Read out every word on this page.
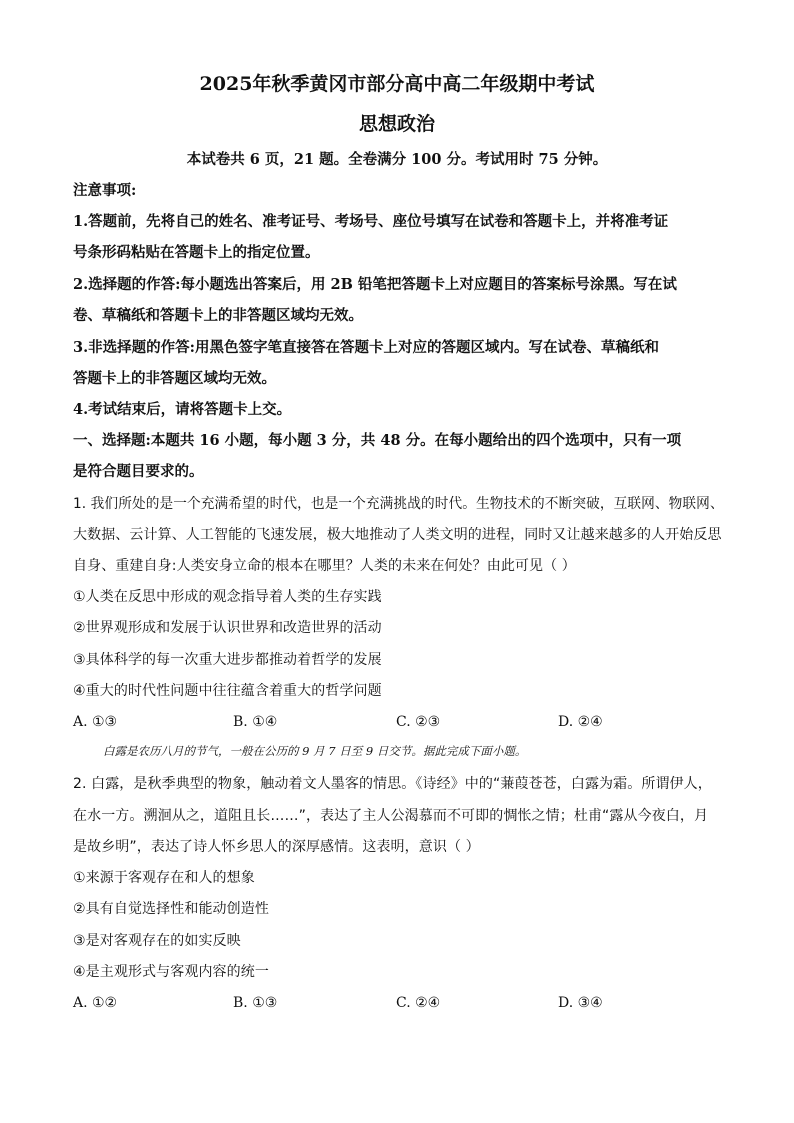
2025年秋季黄冈市部分高中高二年级期中考试
思想政治
本试卷共 6 页，21 题。全卷满分 100 分。考试用时 75 分钟。
注意事项:
1.答题前，先将自己的姓名、准考证号、考场号、座位号填写在试卷和答题卡上，并将准考证
号条形码粘贴在答题卡上的指定位置。
2.选择题的作答:每小题选出答案后，用 2B 铅笔把答题卡上对应题目的答案标号涂黑。写在试
卷、草稿纸和答题卡上的非答题区域均无效。
3.非选择题的作答:用黑色签字笔直接答在答题卡上对应的答题区域内。写在试卷、草稿纸和
答题卡上的非答题区域均无效。
4.考试结束后，请将答题卡上交。
一、选择题:本题共 16 小题，每小题 3 分，共 48 分。在每小题给出的四个选项中，只有一项
是符合题目要求的。
1. 我们所处的是一个充满希望的时代，也是一个充满挑战的时代。生物技术的不断突破，互联网、物联网、
大数据、云计算、人工智能的飞速发展，极大地推动了人类文明的进程，同时又让越来越多的人开始反思
自身、重建自身:人类安身立命的根本在哪里？人类的未来在何处？由此可见（ ）
①人类在反思中形成的观念指导着人类的生存实践
②世界观形成和发展于认识世界和改造世界的活动
③具体科学的每一次重大进步都推动着哲学的发展
④重大的时代性问题中往往蕴含着重大的哲学问题
A. ①③	B. ①④	C. ②③	D. ②④
白露是农历八月的节气，一般在公历的 9 月 7 日至 9 日交节。据此完成下面小题。
2. 白露，是秋季典型的物象，触动着文人墨客的情思。《诗经》中的“蒹葭苍苍，白露为霜。所谓伊人，
在水一方。溯洄从之，道阻且长……”，表达了主人公渴慕而不可即的惆怅之情；杜甫“露从今夜白，月
是故乡明”，表达了诗人怀乡思人的深厚感情。这表明，意识（ ）
①来源于客观存在和人的想象
②具有自觉选择性和能动创造性
③是对客观存在的如实反映
④是主观形式与客观内容的统一
A. ①②	B. ①③	C. ②④	D. ③④
